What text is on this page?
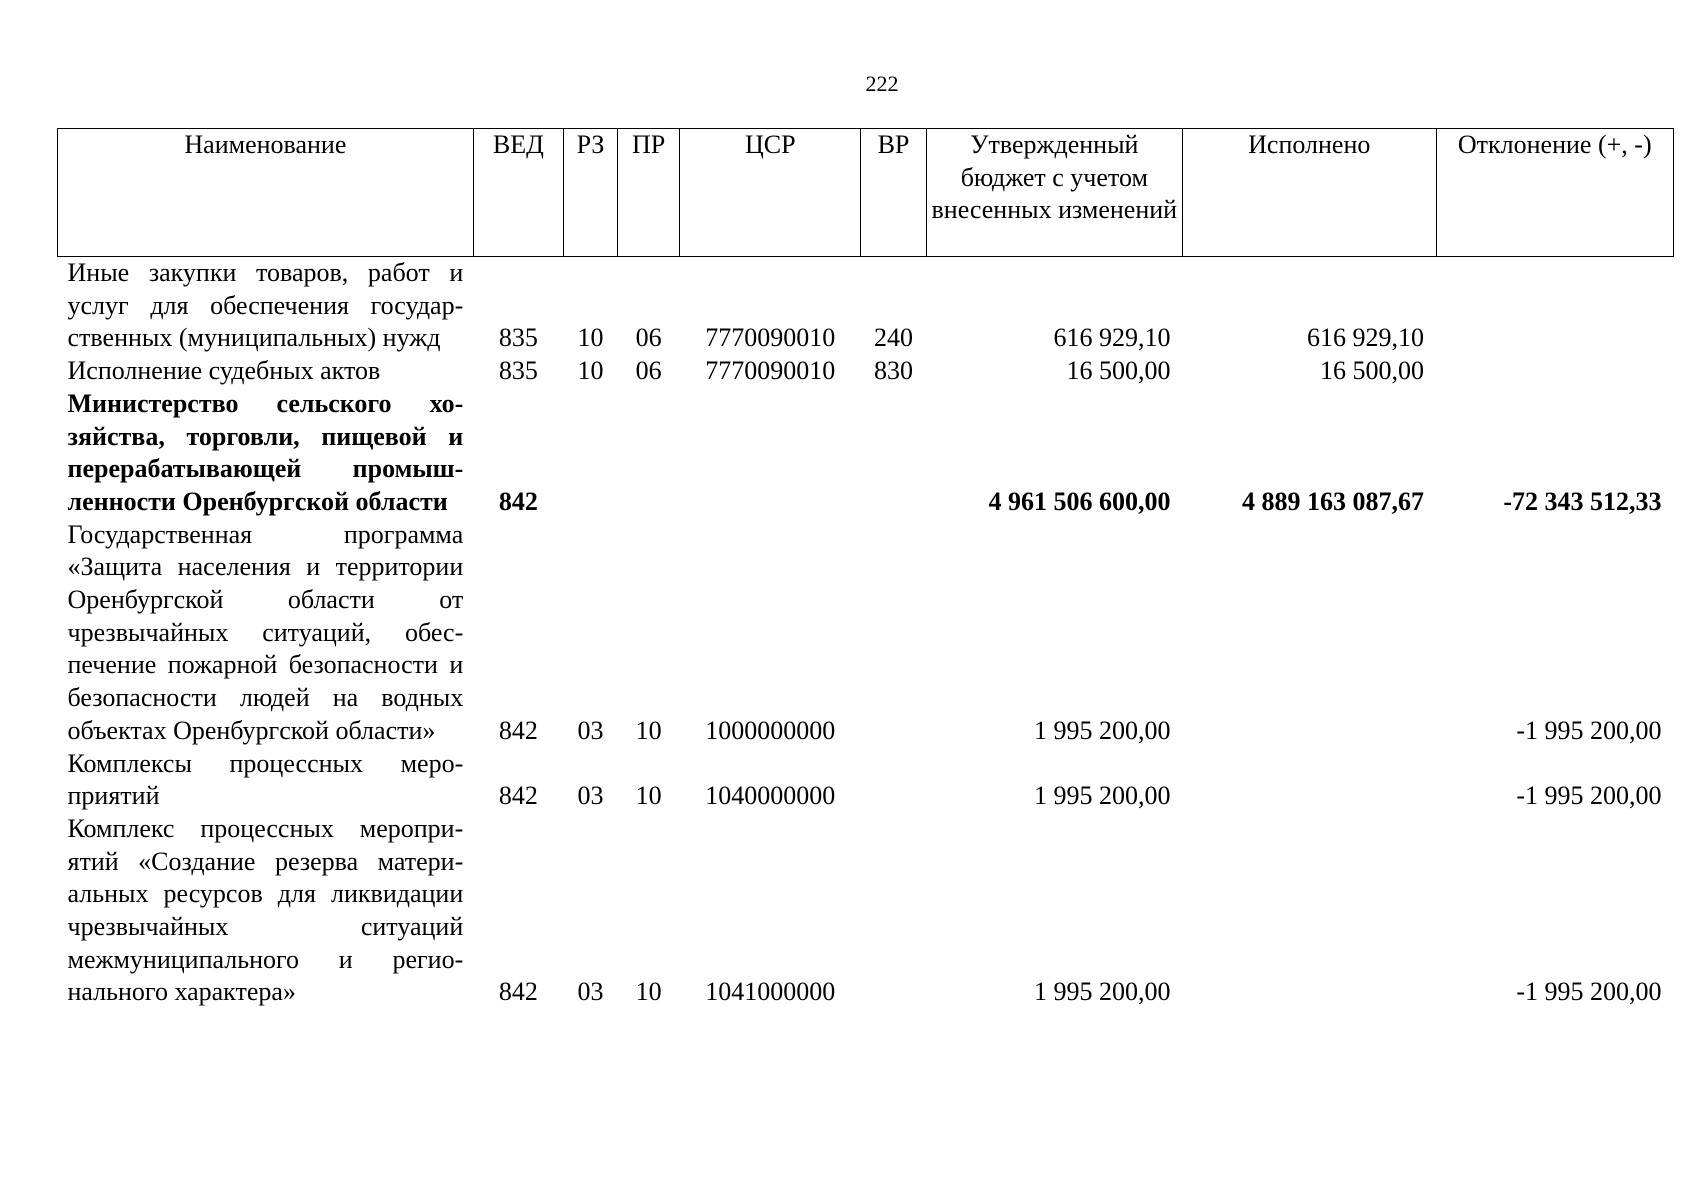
222
Наименование	ВЕД	РЗ	ПР	ЦСР	ВР	Утвержденный бюджет с учетом внесенных изменений	Исполнено	Отклонение (+, -)
Иные закупки товаров, работ и услуг для обеспечения государственных (муниципальных) нужд	835	10	06	7770090010	240	616 929,10	616 929,10	
Исполнение судебных актов	835	10	06	7770090010	830	16 500,00	16 500,00	
Министерство сельского хозяйства, торговли, пищевой и перерабатывающей промышленности Оренбургской области	842					4 961 506 600,00	4 889 163 087,67	-72 343 512,33
Государственная программа «Защита населения и территории Оренбургской области от чрезвычайных ситуаций, обеспечение пожарной безопасности и безопасности людей на водных объектах Оренбургской области»	842	03	10	1000000000		1 995 200,00		-1 995 200,00
Комплексы процессных мероприятий	842	03	10	1040000000		1 995 200,00		-1 995 200,00
Комплекс процессных мероприятий «Создание резерва материальных ресурсов для ликвидации чрезвычайных ситуаций межмуниципального и регионального характера»	842	03	10	1041000000		1 995 200,00		-1 995 200,00
